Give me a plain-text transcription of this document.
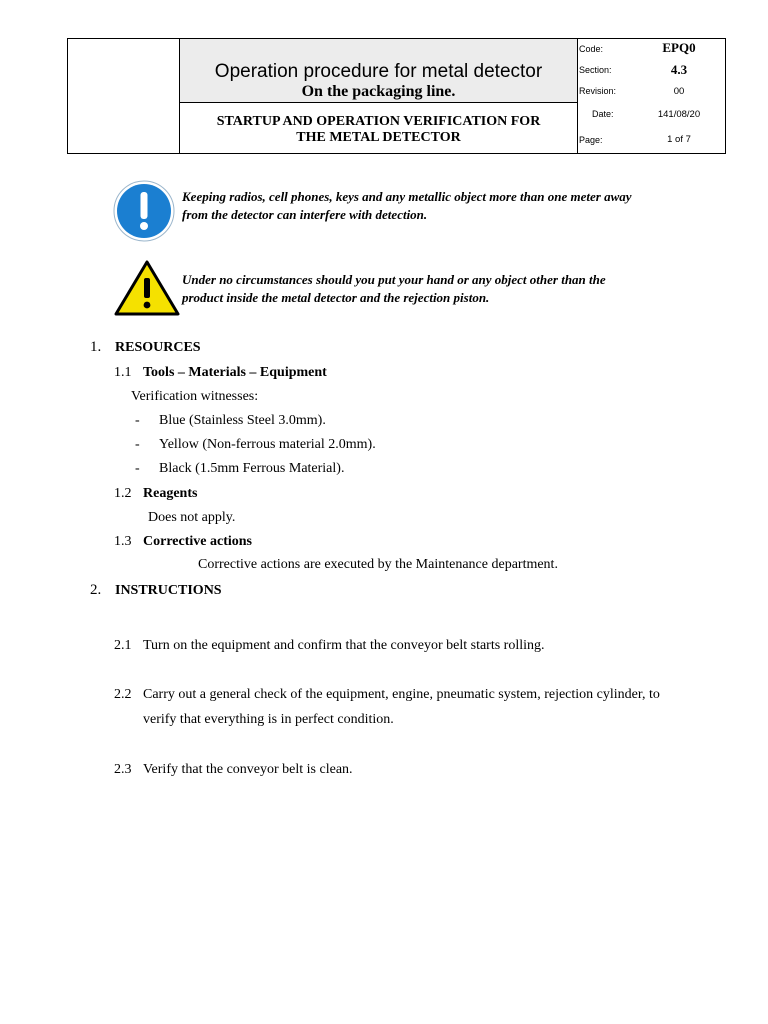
Operation procedure for metal detector
On the packaging line.
STARTUP AND OPERATION VERIFICATION FOR
THE METAL DETECTOR
Code:	EPQ0
Section:	4.3
Revision:	00
Date:	141/08/20
Page:	1 of 7
Keeping radios, cell phones, keys and any metallic object more than one meter away
from the detector can interfere with detection.
Under no circumstances should you put your hand or any object other than the
product inside the metal detector and the rejection piston.
1. RESOURCES
1.1 Tools – Materials – Equipment
Verification witnesses:
- Blue (Stainless Steel 3.0mm).
- Yellow (Non-ferrous material 2.0mm).
- Black (1.5mm Ferrous Material).
1.2 Reagents
Does not apply.
1.3 Corrective actions
Corrective actions are executed by the Maintenance department.
2. INSTRUCTIONS
2.1 Turn on the equipment and confirm that the conveyor belt starts rolling.
2.2 Carry out a general check of the equipment, engine, pneumatic system, rejection cylinder, to
verify that everything is in perfect condition.
2.3 Verify that the conveyor belt is clean.
